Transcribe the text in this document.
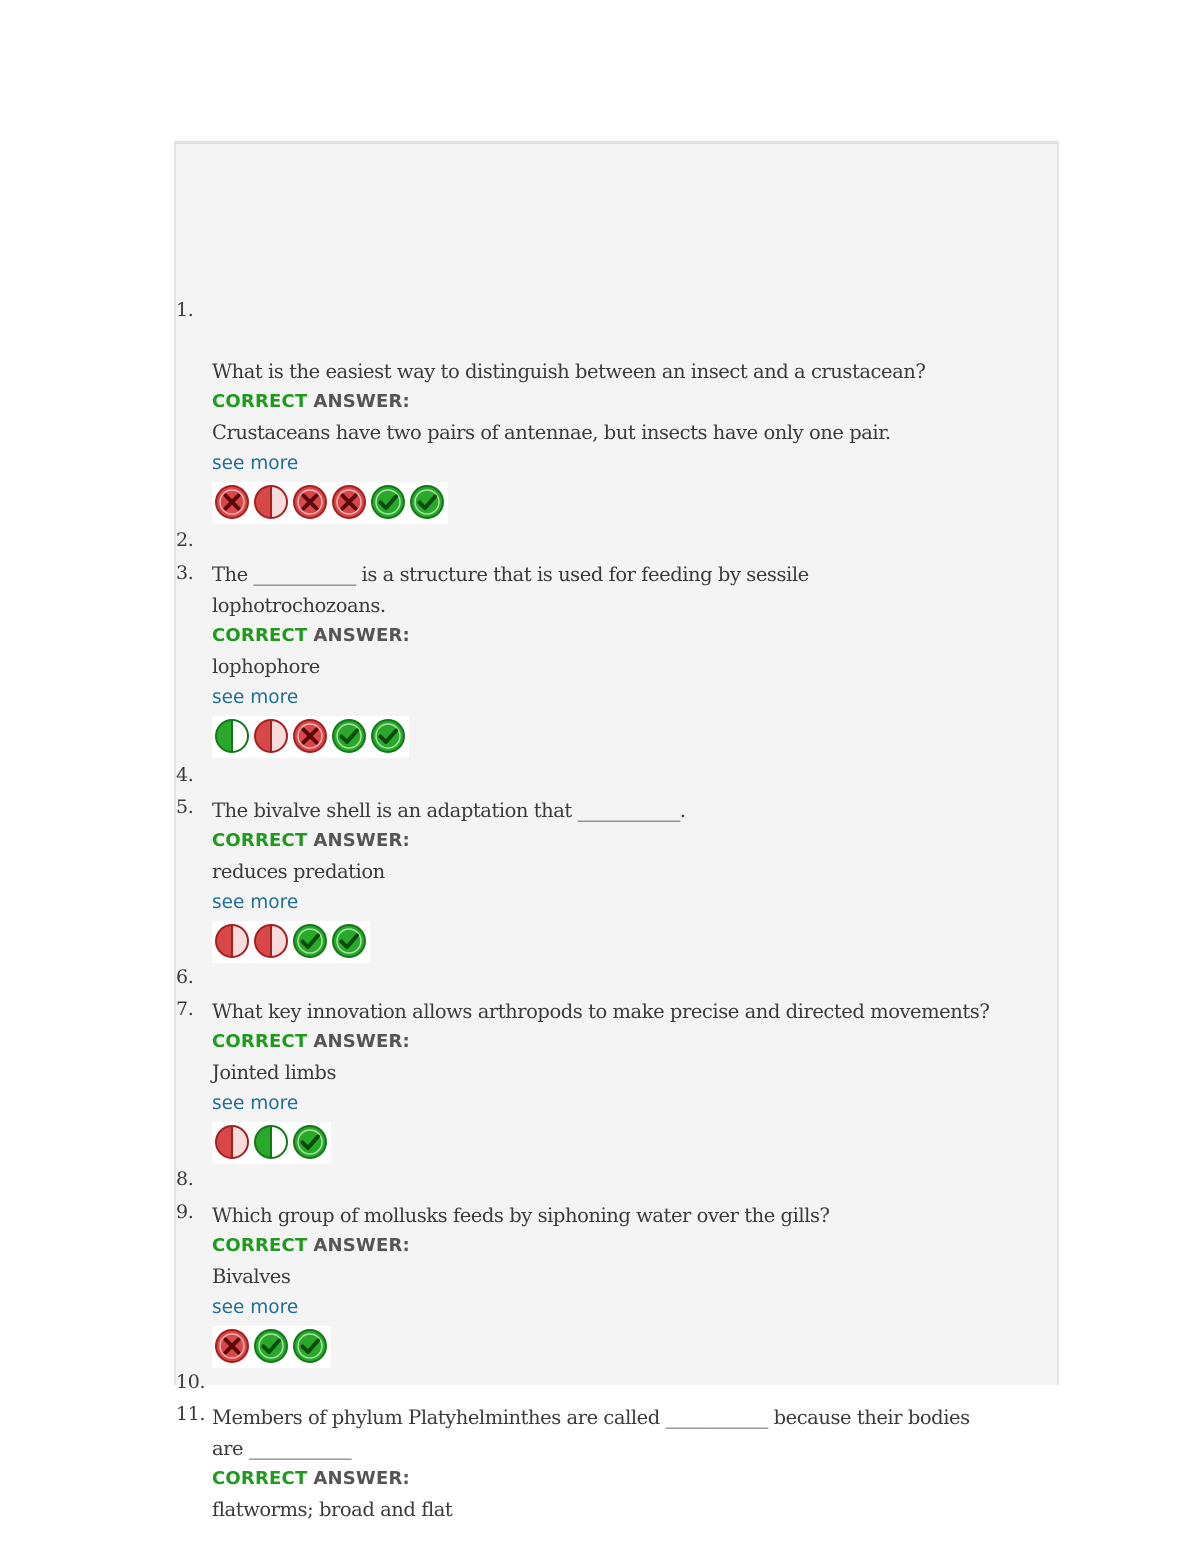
1.
2.
3.
4.
5.
6.
7.
8.
9.
10.
11.
What is the easiest way to distinguish between an insect and a crustacean?
CORRECT ANSWER:
Crustaceans have two pairs of antennae, but insects have only one pair.
see more
The ___________ is a structure that is used for feeding by sessile
lophotrochozoans.
CORRECT ANSWER:
lophophore
see more
The bivalve shell is an adaptation that ___________.
CORRECT ANSWER:
reduces predation
see more
What key innovation allows arthropods to make precise and directed movements?
CORRECT ANSWER:
Jointed limbs
see more
Which group of mollusks feeds by siphoning water over the gills?
CORRECT ANSWER:
Bivalves
see more
Members of phylum Platyhelminthes are called ___________ because their bodies
are ___________
CORRECT ANSWER:
flatworms; broad and flat
